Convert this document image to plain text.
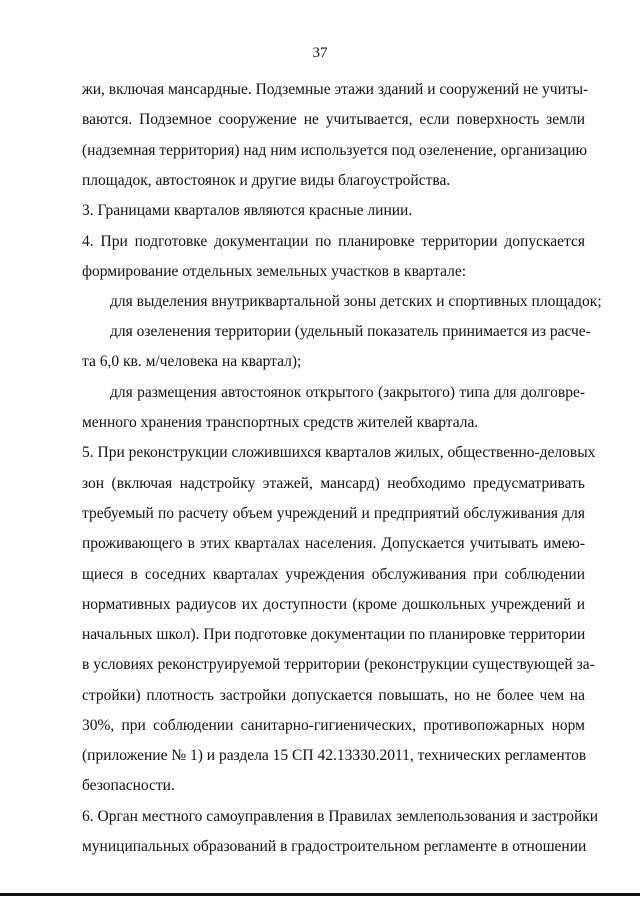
37
жи, включая мансардные. Подземные этажи зданий и сооружений не учиты-
ваются. Подземное сооружение не учитывается, если поверхность земли
(надземная территория) над ним используется под озеленение, организацию
площадок, автостоянок и другие виды благоустройства.
3. Границами кварталов являются красные линии.
4. При подготовке документации по планировке территории допускается
формирование отдельных земельных участков в квартале:
для выделения внутриквартальной зоны детских и спортивных площадок;
для озеленения территории (удельный показатель принимается из расче-
та 6,0 кв. м/человека на квартал);
для размещения автостоянок открытого (закрытого) типа для долговре-
менного хранения транспортных средств жителей квартала.
5. При реконструкции сложившихся кварталов жилых, общественно-деловых
зон (включая надстройку этажей, мансард) необходимо предусматривать
требуемый по расчету объем учреждений и предприятий обслуживания для
проживающего в этих кварталах населения. Допускается учитывать имею-
щиеся в соседних кварталах учреждения обслуживания при соблюдении
нормативных радиусов их доступности (кроме дошкольных учреждений и
начальных школ). При подготовке документации по планировке территории
в условиях реконструируемой территории (реконструкции существующей за-
стройки) плотность застройки допускается повышать, но не более чем на
30%, при соблюдении санитарно-гигиенических, противопожарных норм
(приложение № 1) и раздела 15 СП 42.13330.2011, технических регламентов
безопасности.
6. Орган местного самоуправления в Правилах землепользования и застройки
муниципальных образований в градостроительном регламенте в отношении
